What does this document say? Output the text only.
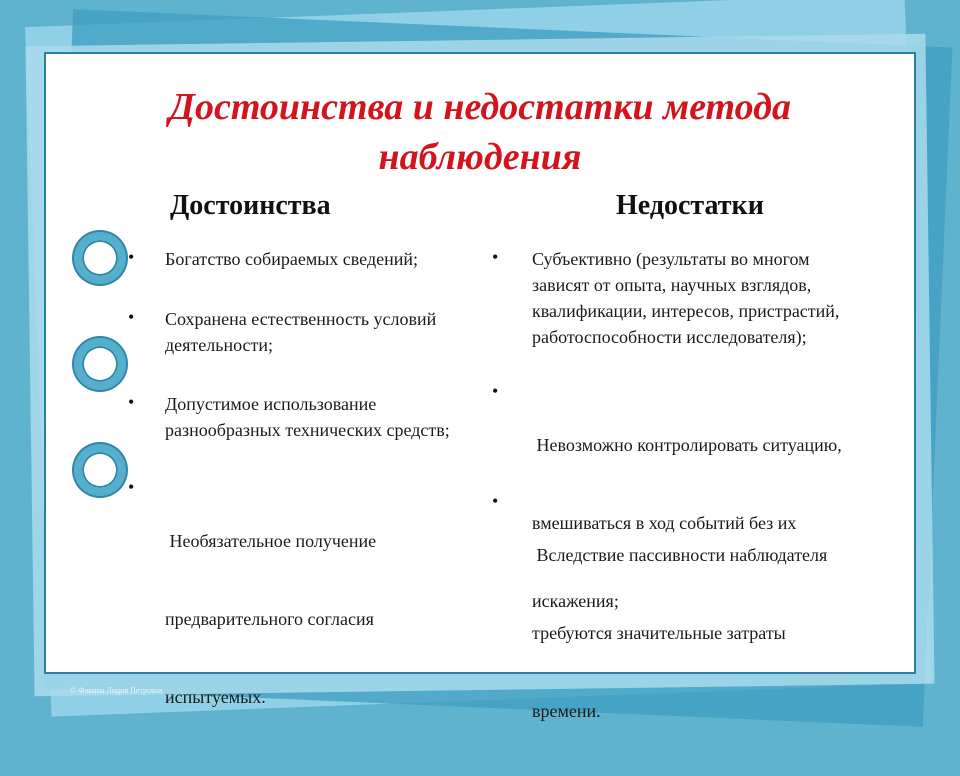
Достоинства и недостатки метода
наблюдения
Достоинства	Недостатки
• Богатство собираемых сведений;
• Сохранена естественность условий
деятельности;
• Допустимое использование
разнообразных технических средств;
•

Необязательное получение

предварительного согласия

испытуемых.

• Субъективно (результаты во многом
зависят от опыта, научных взглядов,
квалификации, интересов, пристрастий,
работоспособности исследователя);
•

Невозможно контролировать ситуацию,

вмешиваться в ход событий без их

искажения;

•

Вследствие пассивности наблюдателя

требуются значительные затраты

времени.

© Фокина Лидия Петровна
